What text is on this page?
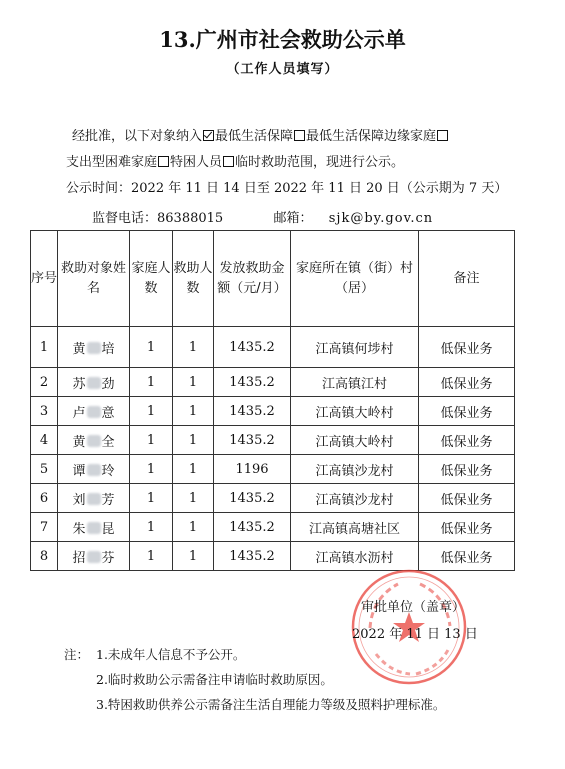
13.广州市社会救助公示单
（工作人员填写）
经批准，以下对象纳入 最低生活保障 最低生活保障边缘家庭
支出型困难家庭 特困人员 临时救助范围，现进行公示。
公示时间：2022 年 11 日 14 日至 2022 年 11 日 20 日（公示期为 7 天）
监督电话：86388015	邮箱： sjk@by.gov.cn
序号	救助对象姓名	家庭人数	救助人数	发放救助金额（元/月）	家庭所在镇（街）村（居）	备注
1	黄 培	1	1	1435.2	江高镇何埗村	低保业务
2	苏 劲	1	1	1435.2	江高镇江村	低保业务
3	卢 意	1	1	1435.2	江高镇大岭村	低保业务
4	黄 全	1	1	1435.2	江高镇大岭村	低保业务
5	谭 玲	1	1	1196	江高镇沙龙村	低保业务
6	刘 芳	1	1	1435.2	江高镇沙龙村	低保业务
7	朱 昆	1	1	1435.2	江高镇高塘社区	低保业务
8	招 芬	1	1	1435.2	江高镇水沥村	低保业务
审批单位（盖章）
2022 年 11 日 13 日
注： 1.未成年人信息不予公开。
2.临时救助公示需备注申请临时救助原因。
3.特困救助供养公示需备注生活自理能力等级及照料护理标准。
